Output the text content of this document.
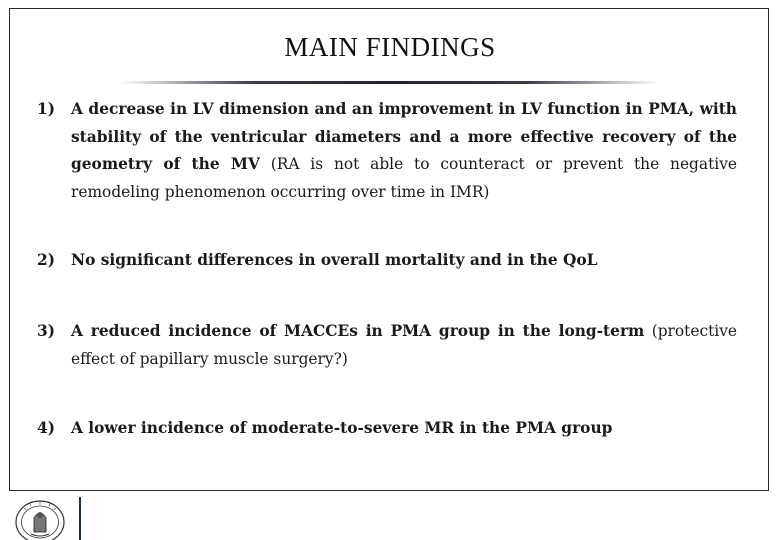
MAIN FINDINGS
1) A decrease in LV dimension and an improvement in LV function in PMA, with stability of the ventricular diameters and a more effective recovery of the geometry of the MV (RA is not able to counteract or prevent the negative remodeling phenomenon occurring over time in IMR)
2) No significant differences in overall mortality and in the QoL
3) A reduced incidence of MACCEs in PMA group in the long-term (protective effect of papillary muscle surgery?)
4) A lower incidence of moderate-to-severe MR in the PMA group
